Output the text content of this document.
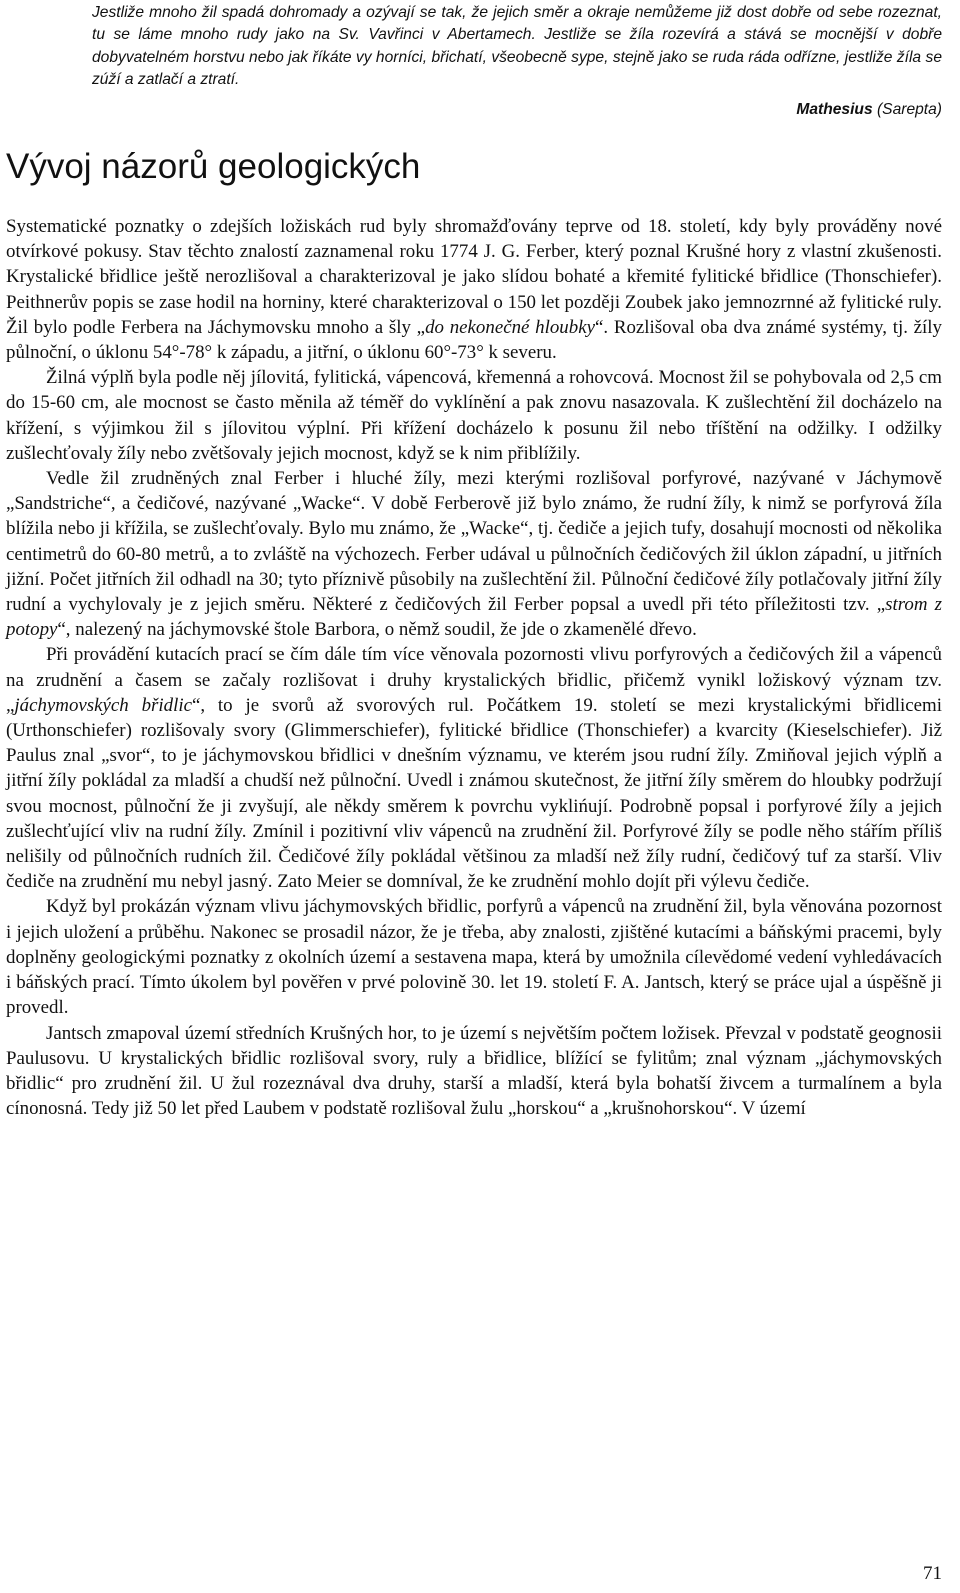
Jestliže mnoho žil spadá dohromady a ozývají se tak, že jejich směr a okraje nemůžeme již dost dobře od sebe rozeznat, tu se láme mnoho rudy jako na Sv. Vavřinci v Abertamech. Jestliže se žíla rozevírá a stává se mocnější v dobře dobyvatelném horstvu nebo jak říkáte vy horníci, břichatí, všeobecně sype, stejně jako se ruda ráda odřízne, jestliže žíla se zúží a zatlačí a ztratí.
Mathesius (Sarepta)
Vývoj názorů geologických

Systematické poznatky o zdejších ložiskách rud byly shromažďovány teprve od 18. století, kdy byly prováděny nové otvírkové pokusy. Stav těchto znalostí zaznamenal roku 1774 J. G. Ferber, který poznal Krušné hory z vlastní zkušenosti. Krystalické břidlice ještě nerozlišoval a charakterizoval je jako slídou bohaté a křemité fylitické břidlice (Thonschiefer). Peithnerův popis se zase hodil na horniny, které charakterizoval o 150 let později Zoubek jako jemnozrnné až fylitické ruly. Žil bylo podle Ferbera na Jáchymovsku mnoho a šly „do nekonečné hloubky“. Rozlišoval oba dva známé systémy, tj. žíly půlnoční, o úklonu 54°-78° k západu, a jitřní, o úklonu 60°-73° k severu.

Žilná výplň byla podle něj jílovitá, fylitická, vápencová, křemenná a rohovcová. Mocnost žil se pohybovala od 2,5 cm do 15-60 cm, ale mocnost se často měnila až téměř do vyklínění a pak znovu nasazovala. K zušlechtění žil docházelo na křížení, s výjimkou žil s jílovitou výplní. Při křížení docházelo k posunu žil nebo tříštění na odžilky. I odžilky zušlechťovaly žíly nebo zvětšovaly jejich mocnost, když se k nim přiblížily.

Vedle žil zrudněných znal Ferber i hluché žíly, mezi kterými rozlišoval porfyrové, nazývané v Jáchymově „Sandstriche“, a čedičové, nazývané „Wacke“. V době Ferberově již bylo známo, že rudní žíly, k nimž se porfyrová žíla blížila nebo ji křížila, se zušlechťovaly. Bylo mu známo, že „Wacke“, tj. čediče a jejich tufy, dosahují mocnosti od několika centimetrů do 60-80 metrů, a to zvláště na výchozech. Ferber udával u půlnočních čedičových žil úklon západní, u jitřních jižní. Počet jitřních žil odhadl na 30; tyto příznivě působily na zušlechtění žil. Půlnoční čedičové žíly potlačovaly jitřní žíly rudní a vychylovaly je z jejich směru. Některé z čedičových žil Ferber popsal a uvedl při této příležitosti tzv. „strom z potopy“, nalezený na jáchymovské štole Barbora, o němž soudil, že jde o zkamenělé dřevo.

Při provádění kutacích prací se čím dále tím více věnovala pozornosti vlivu porfyrových a čedičových žil a vápenců na zrudnění a časem se začaly rozlišovat i druhy krystalických břidlic, přičemž vynikl ložiskový význam tzv. „jáchymovských břidlic“, to je svorů až svorových rul. Počátkem 19. století se mezi krystalickými břidlicemi (Urthonschiefer) rozlišovaly svory (Glimmerschiefer), fylitické břidlice (Thonschiefer) a kvarcity (Kieselschiefer). Již Paulus znal „svor“, to je jáchymovskou břidlici v dnešním významu, ve kterém jsou rudní žíly. Zmiňoval jejich výplň a jitřní žíly pokládal za mladší a chudší než půlnoční. Uvedl i známou skutečnost, že jitřní žíly směrem do hloubky podržují svou mocnost, půlnoční že ji zvyšují, ale někdy směrem k povrchu vyklińují. Podrobně popsal i porfyrové žíly a jejich zušlechťující vliv na rudní žíly. Zmínil i pozitivní vliv vápenců na zrudnění žil. Porfyrové žíly se podle něho stářím příliš nelišily od půlnočních rudních žil. Čedičové žíly pokládal většinou za mladší než žíly rudní, čedičový tuf za starší. Vliv čediče na zrudnění mu nebyl jasný. Zato Meier se domníval, že ke zrudnění mohlo dojít při výlevu čediče.

Když byl prokázán význam vlivu jáchymovských břidlic, porfyrů a vápenců na zrudnění žil, byla věnována pozornost i jejich uložení a průběhu. Nakonec se prosadil názor, že je třeba, aby znalosti, zjištěné kutacími a báňskými pracemi, byly doplněny geologickými poznatky z okolních území a sestavena mapa, která by umožnila cílevědomé vedení vyhledávacích i báňských prací. Tímto úkolem byl pověřen v prvé polovině 30. let 19. století F. A. Jantsch, který se práce ujal a úspěšně ji provedl.

Jantsch zmapoval území středních Krušných hor, to je území s největším počtem ložisek. Převzal v podstatě geognosii Paulusovu. U krystalických břidlic rozlišoval svory, ruly a břidlice, blížící se fylitům; znal význam „jáchymovských břidlic“ pro zrudnění žil. U žul rozeznával dva druhy, starší a mladší, která byla bohatší živcem a turmalínem a byla cínonosná. Tedy již 50 let před Laubem v podstatě rozlišoval žulu „horskou“ a „krušnohorskou“. V území

71
